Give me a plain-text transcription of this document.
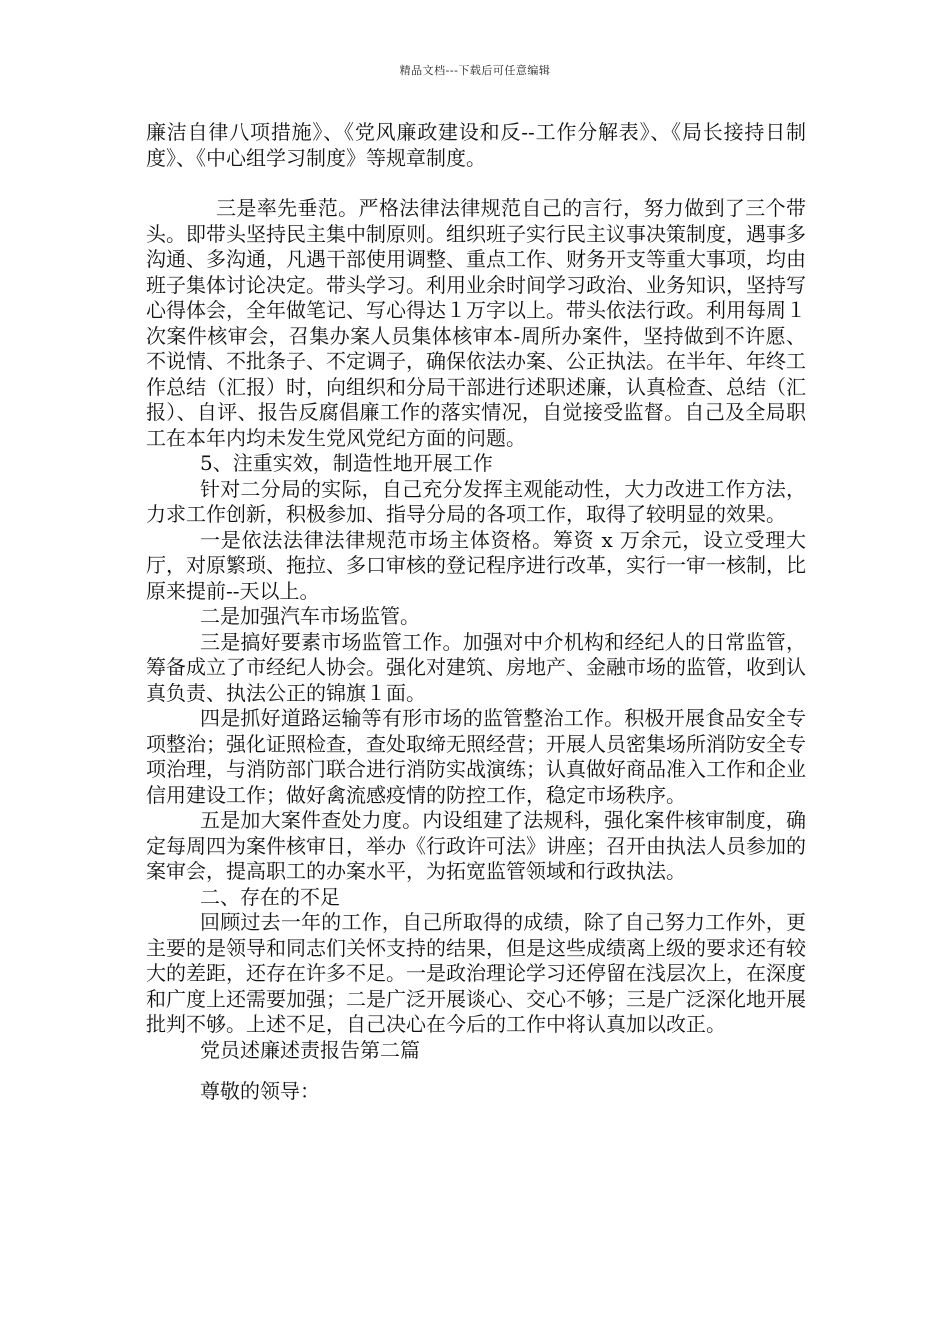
精品文档---下载后可任意编辑

廉洁自律八项措施》、《党风廉政建设和反--工作分解表》、《局长接持日制度》、《中心组学习制度》等规章制度。

三是率先垂范。严格法律法律规范自己的言行，努力做到了三个带头。即带头坚持民主集中制原则。组织班子实行民主议事决策制度，遇事多沟通、多沟通，凡遇干部使用调整、重点工作、财务开支等重大事项，均由班子集体讨论决定。带头学习。利用业余时间学习政治、业务知识，坚持写心得体会，全年做笔记、写心得达１万字以上。带头依法行政。利用每周１次案件核审会，召集办案人员集体核审本-周所办案件，坚持做到不许愿、不说情、不批条子、不定调子，确保依法办案、公正执法。在半年、年终工作总结（汇报）时，向组织和分局干部进行述职述廉，认真检查、总结（汇报）、自评、报告反腐倡廉工作的落实情况，自觉接受监督。自己及全局职工在本年内均未发生党风党纪方面的问题。

5、注重实效，制造性地开展工作

针对二分局的实际，自己充分发挥主观能动性，大力改进工作方法，力求工作创新，积极参加、指导分局的各项工作，取得了较明显的效果。

一是依法法律法律规范市场主体资格。筹资 x 万余元，设立受理大厅，对原繁琐、拖拉、多口审核的登记程序进行改革，实行一审一核制，比原来提前--天以上。

二是加强汽车市场监管。

三是搞好要素市场监管工作。加强对中介机构和经纪人的日常监管，筹备成立了市经纪人协会。强化对建筑、房地产、金融市场的监管，收到认真负责、执法公正的锦旗１面。

四是抓好道路运输等有形市场的监管整治工作。积极开展食品安全专项整治；强化证照检查，查处取缔无照经营；开展人员密集场所消防安全专项治理，与消防部门联合进行消防实战演练；认真做好商品准入工作和企业信用建设工作；做好禽流感疫情的防控工作，稳定市场秩序。

五是加大案件查处力度。内设组建了法规科，强化案件核审制度，确定每周四为案件核审日，举办《行政许可法》讲座；召开由执法人员参加的案审会，提高职工的办案水平，为拓宽监管领域和行政执法。

二、存在的不足

回顾过去一年的工作，自己所取得的成绩，除了自己努力工作外，更主要的是领导和同志们关怀支持的结果，但是这些成绩离上级的要求还有较大的差距，还存在许多不足。一是政治理论学习还停留在浅层次上，在深度和广度上还需要加强；二是广泛开展谈心、交心不够；三是广泛深化地开展批判不够。上述不足，自己决心在今后的工作中将认真加以改正。

党员述廉述责报告第二篇

尊敬的领导：
